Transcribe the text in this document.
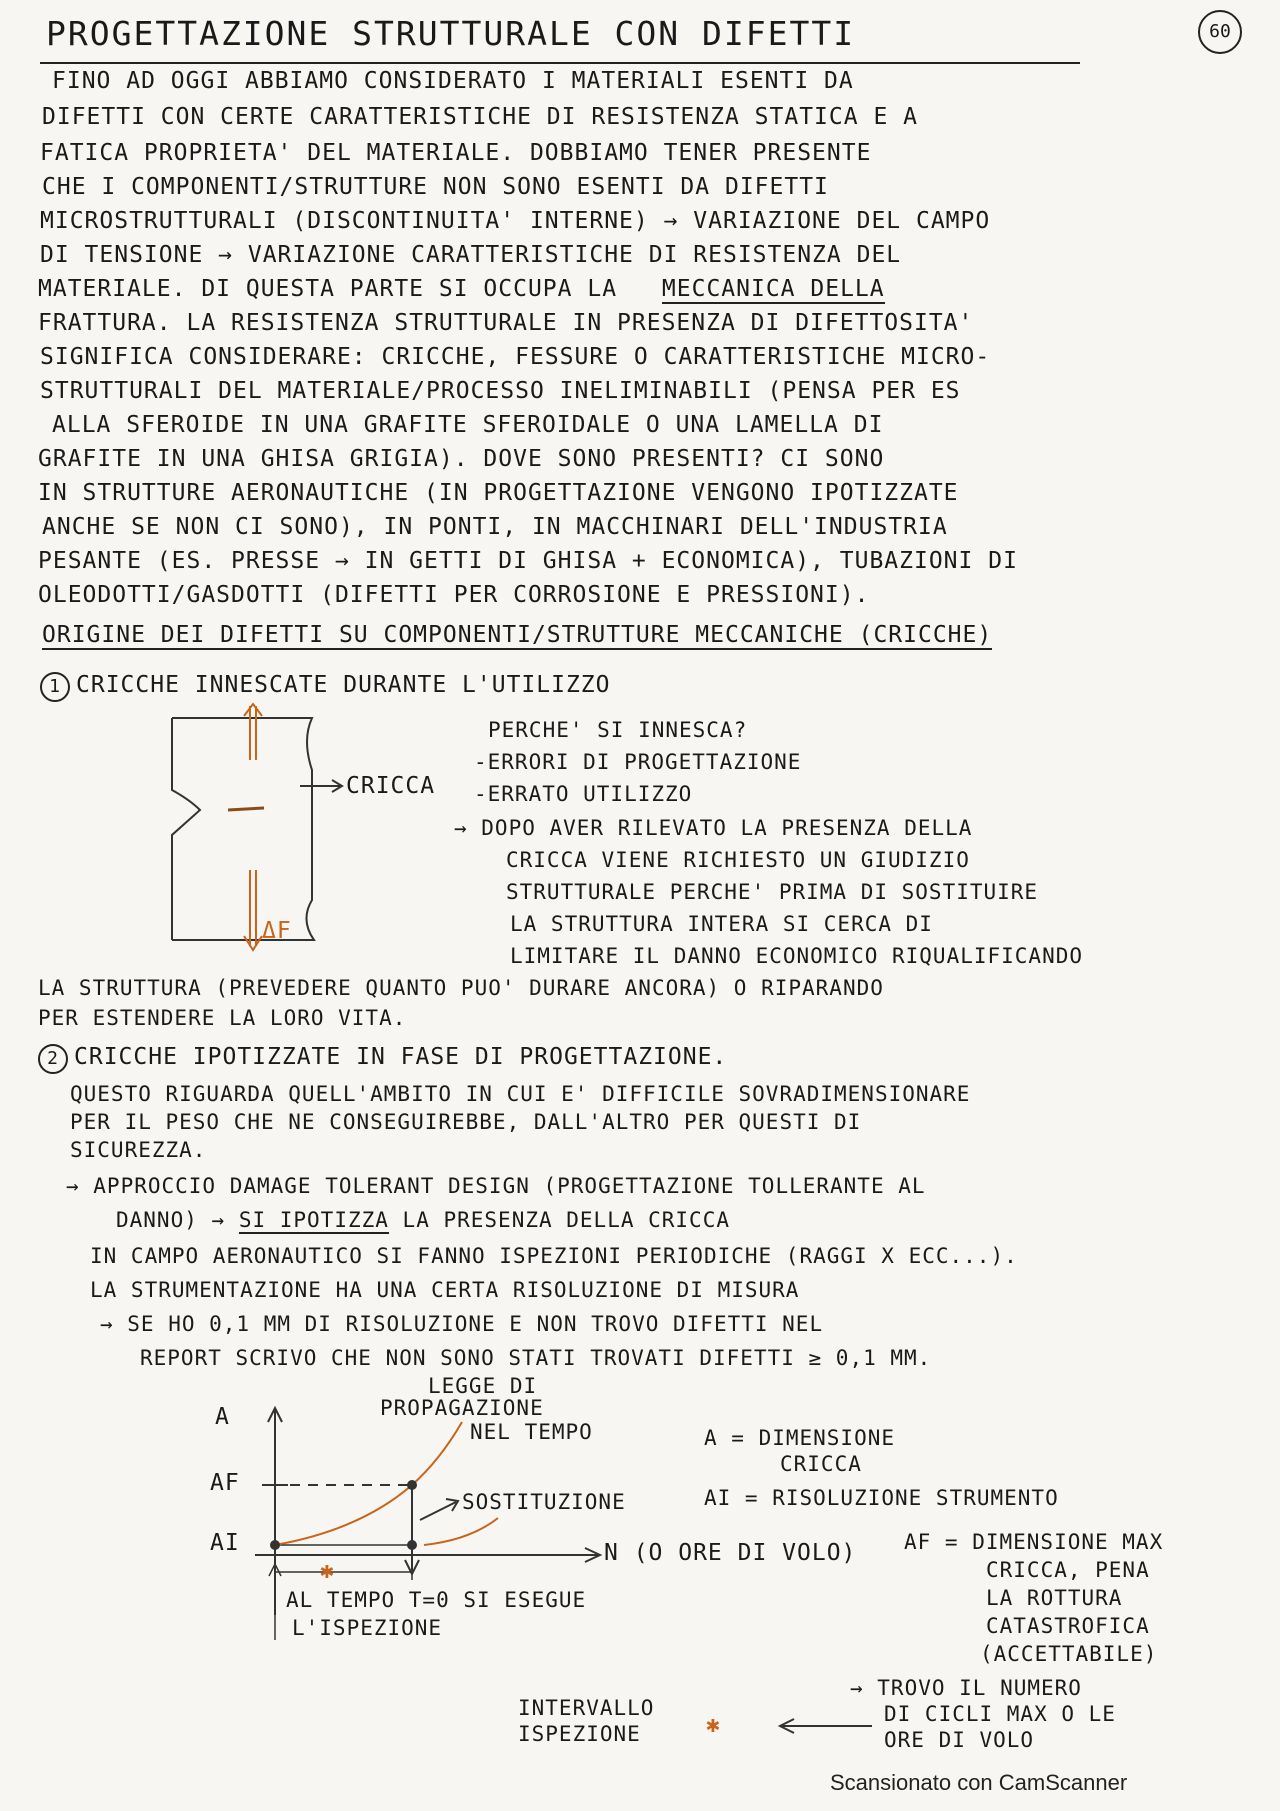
PROGETTAZIONE STRUTTURALE CON DIFETTI	60
FINO AD OGGI ABBIAMO CONSIDERATO I MATERIALI ESENTI DA
DIFETTI CON CERTE CARATTERISTICHE DI RESISTENZA STATICA E A
FATICA PROPRIETA' DEL MATERIALE. DOBBIAMO TENER PRESENTE
CHE I COMPONENTI/STRUTTURE NON SONO ESENTI DA DIFETTI
MICROSTRUTTURALI (DISCONTINUITA' INTERNE) → VARIAZIONE DEL CAMPO
DI TENSIONE → VARIAZIONE CARATTERISTICHE DI RESISTENZA DEL
MATERIALE. DI QUESTA PARTE SI OCCUPA LA MECCANICA DELLA
FRATTURA. LA RESISTENZA STRUTTURALE IN PRESENZA DI DIFETTOSITA'
SIGNIFICA CONSIDERARE: CRICCHE, FESSURE O CARATTERISTICHE MICRO-
STRUTTURALI DEL MATERIALE/PROCESSO INELIMINABILI (PENSA PER ES
ALLA SFEROIDE IN UNA GRAFITE SFEROIDALE O UNA LAMELLA DI
GRAFITE IN UNA GHISA GRIGIA). DOVE SONO PRESENTI? CI SONO
IN STRUTTURE AERONAUTICHE (IN PROGETTAZIONE VENGONO IPOTIZZATE
ANCHE SE NON CI SONO), IN PONTI, IN MACCHINARI DELL'INDUSTRIA
PESANTE (ES. PRESSE → IN GETTI DI GHISA + ECONOMICA), TUBAZIONI DI
OLEODOTTI/GASDOTTI (DIFETTI PER CORROSIONE E PRESSIONI).
ORIGINE DEI DIFETTI SU COMPONENTI/STRUTTURE MECCANICHE (CRICCHE)
1 CRICCHE INNESCATE DURANTE L'UTILIZZO
CRICCA
ΔF
PERCHE' SI INNESCA?
-ERRORI DI PROGETTAZIONE
-ERRATO UTILIZZO
→ DOPO AVER RILEVATO LA PRESENZA DELLA
CRICCA VIENE RICHIESTO UN GIUDIZIO
STRUTTURALE PERCHE' PRIMA DI SOSTITUIRE
LA STRUTTURA INTERA SI CERCA DI
LIMITARE IL DANNO ECONOMICO RIQUALIFICANDO
LA STRUTTURA (PREVEDERE QUANTO PUO' DURARE ANCORA) O RIPARANDO
PER ESTENDERE LA LORO VITA.
2 CRICCHE IPOTIZZATE IN FASE DI PROGETTAZIONE.
QUESTO RIGUARDA QUELL'AMBITO IN CUI E' DIFFICILE SOVRADIMENSIONARE
PER IL PESO CHE NE CONSEGUIREBBE, DALL'ALTRO PER QUESTI DI
SICUREZZA.
→ APPROCCIO DAMAGE TOLERANT DESIGN (PROGETTAZIONE TOLLERANTE AL
DANNO) → SI IPOTIZZA LA PRESENZA DELLA CRICCA
IN CAMPO AERONAUTICO SI FANNO ISPEZIONI PERIODICHE (RAGGI X ECC...).
LA STRUMENTAZIONE HA UNA CERTA RISOLUZIONE DI MISURA
→ SE HO 0,1 MM DI RISOLUZIONE E NON TROVO DIFETTI NEL
REPORT SCRIVO CHE NON SONO STATI TROVATI DIFETTI ≥ 0,1 MM.
A
AF
AI
LEGGE DI
PROPAGAZIONE
NEL TEMPO
SOSTITUZIONE
N (O ORE DI VOLO)
✱
AL TEMPO T=0 SI ESEGUE
L'ISPEZIONE
A = DIMENSIONE
CRICCA
AI = RISOLUZIONE STRUMENTO
AF = DIMENSIONE MAX
CRICCA, PENA
LA ROTTURA
CATASTROFICA
(ACCETTABILE)
→ TROVO IL NUMERO
DI CICLI MAX O LE
ORE DI VOLO
INTERVALLO
ISPEZIONE	✱
Scansionato con CamScanner
